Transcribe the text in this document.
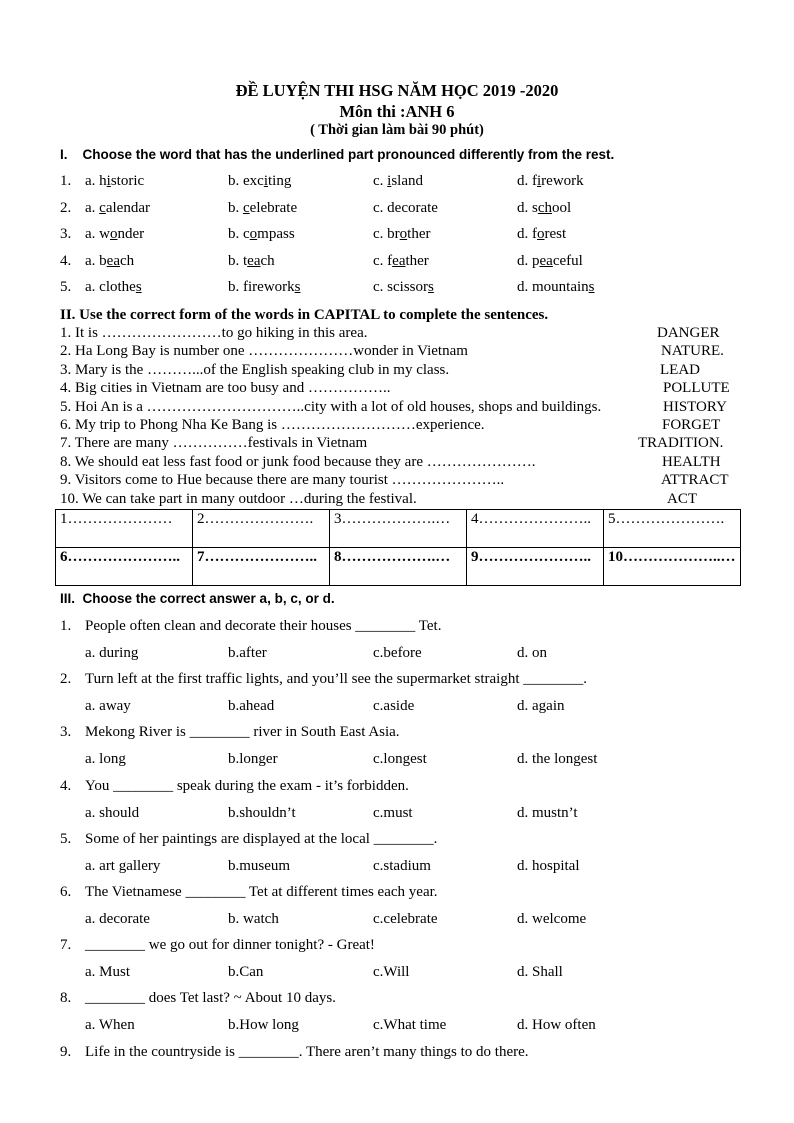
ĐỀ LUYỆN THI HSG NĂM HỌC 2019 -2020
Môn thi :ANH 6
( Thời gian làm bài 90 phút)
I.    Choose the word that has the underlined part pronounced differently from the rest.
1. a. historic	b. exciting	c. island	d. firework
2. a. calendar	b. celebrate	c. decorate	d. school
3. a. wonder	b. compass	c. brother	d. forest
4. a. beach	b. teach	c. feather	d. peaceful
5. a. clothes	b. fireworks	c. scissors	d. mountains
II. Use the correct form of the words in CAPITAL to complete the sentences.
1. It is ……………………to go hiking in this area.	DANGER
2. Ha Long Bay is number one …………………wonder in Vietnam	NATURE.
3. Mary is the ………...of the English speaking club in my class.	LEAD
4. Big cities in Vietnam are too busy and ……………..	POLLUTE
5. Hoi An is a …………………………..city with a lot of old houses, shops and buildings.	HISTORY
6. My trip to Phong Nha Ke Bang is ………………………experience.	FORGET
7. There are many ……………festivals in Vietnam	TRADITION.
8. We should eat less fast food or junk food because they are ………………….	HEALTH
9. Visitors come to Hue because there are many tourist …………………..	ATTRACT
10. We can take part in many outdoor …during the festival.	ACT
1…………………	2………………….	3……………….…	4…………………..	5………………….
6…………………..	7…………………..	8……………….…	9…………………..	10………………..…
III.  Choose the correct answer a, b, c, or d.
1. People often clean and decorate their houses ________ Tet.
a. during	b.after	c.before	d. on
2. Turn left at the first traffic lights, and you’ll see the supermarket straight ________.
a. away	b.ahead	c.aside	d. again
3. Mekong River is ________ river in South East Asia.
a. long	b.longer	c.longest	d. the longest
4. You ________ speak during the exam - it’s forbidden.
a. should	b.shouldn’t	c.must	d. mustn’t
5. Some of her paintings are displayed at the local ________.
a. art gallery	b.museum	c.stadium	d. hospital
6. The Vietnamese ________ Tet at different times each year.
a. decorate	b. watch	c.celebrate	d. welcome
7. ________ we go out for dinner tonight? - Great!
a. Must	b.Can	c.Will	d. Shall
8. ________ does Tet last? ~ About 10 days.
a. When	b.How long	c.What time	d. How often
9. Life in the countryside is ________. There aren’t many things to do there.
